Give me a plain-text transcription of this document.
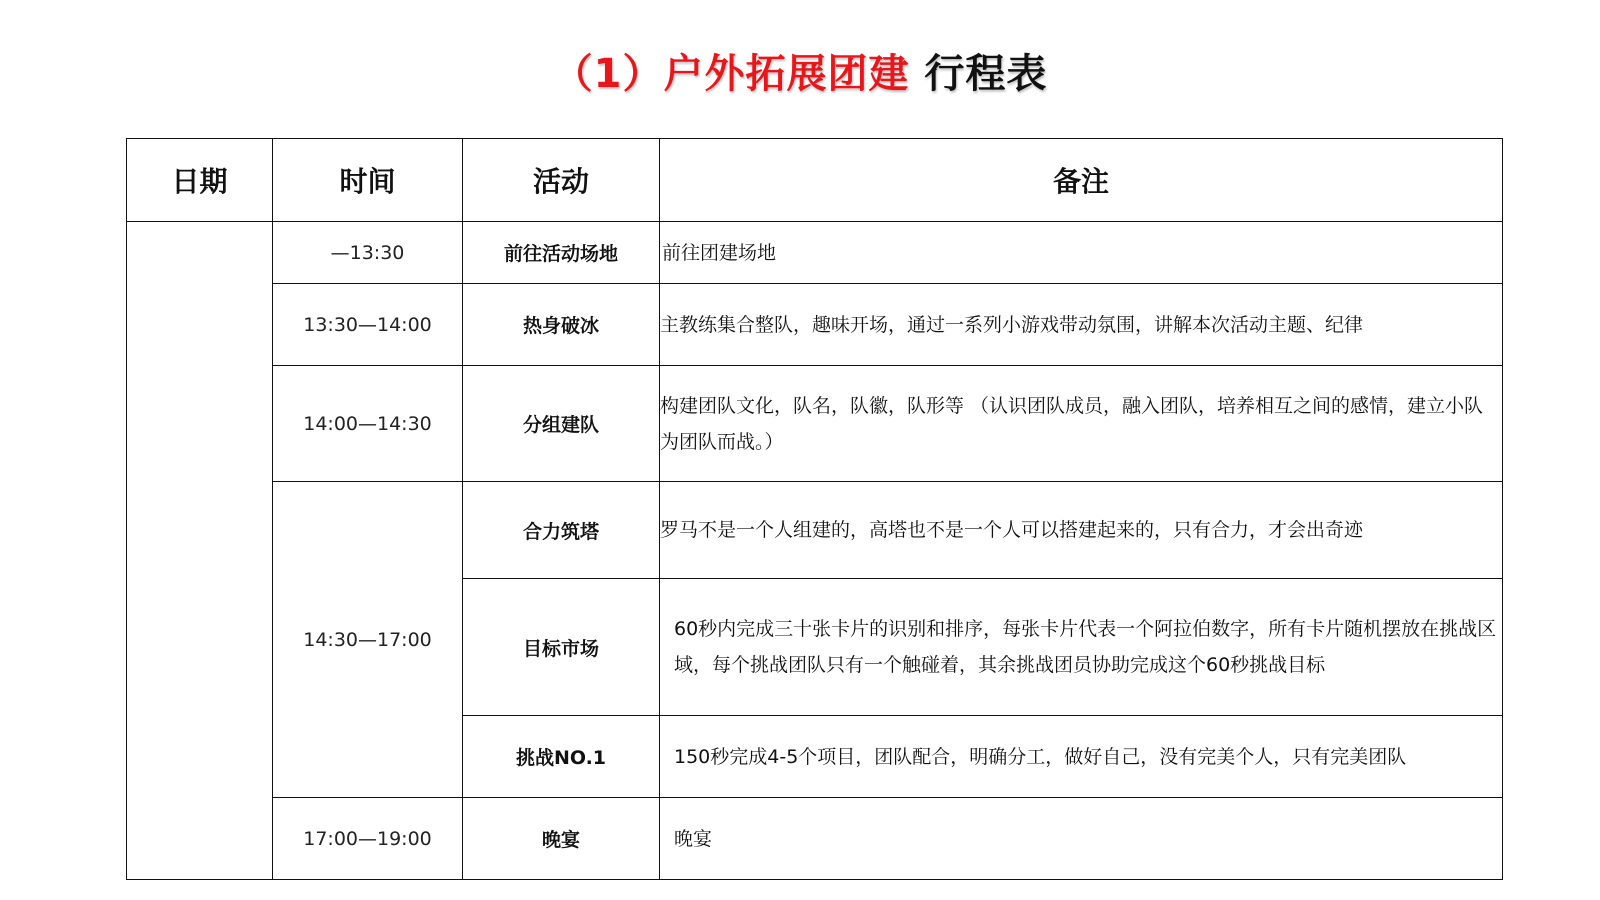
（1）户外拓展团建 行程表
日期	时间	活动	备注
	—13:30	前往活动场地	前往团建场地
	13:30—14:00	热身破冰	主教练集合整队，趣味开场，通过一系列小游戏带动氛围，讲解本次活动主题、纪律
	14:00—14:30	分组建队	构建团队文化，队名，队徽，队形等 （认识团队成员，融入团队，培养相互之间的感情，建立小队为团队而战。）
	14:30—17:00	合力筑塔	罗马不是一个人组建的，高塔也不是一个人可以搭建起来的，只有合力，才会出奇迹
		目标市场	60秒内完成三十张卡片的识别和排序，每张卡片代表一个阿拉伯数字，所有卡片随机摆放在挑战区域，每个挑战团队只有一个触碰着，其余挑战团员协助完成这个60秒挑战目标
		挑战NO.1	150秒完成4-5个项目，团队配合，明确分工，做好自己，没有完美个人，只有完美团队
	17:00—19:00	晚宴	晚宴
